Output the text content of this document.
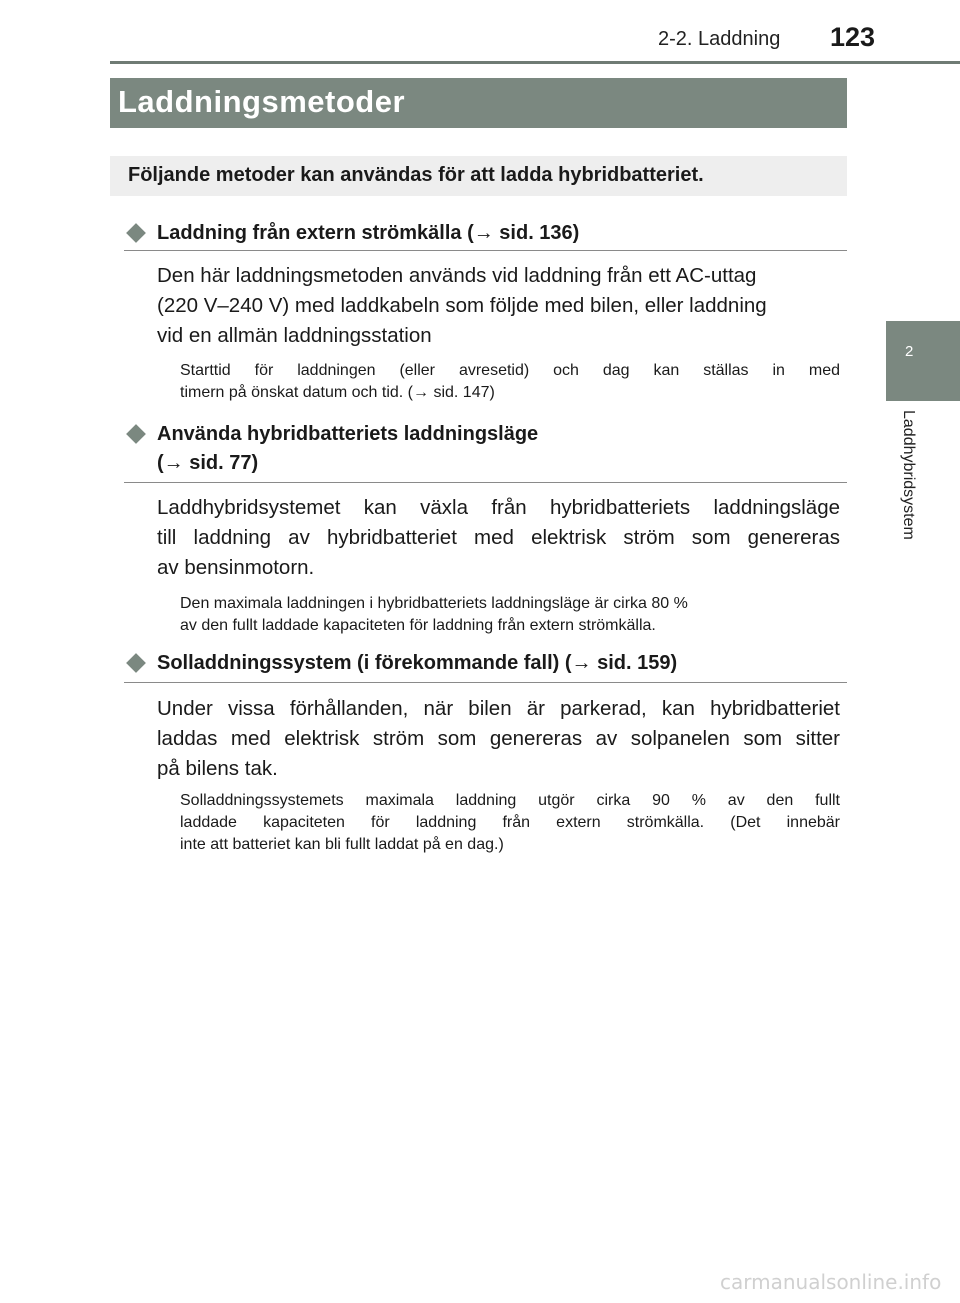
2-2. Laddning 123
Laddningsmetoder
Följande metoder kan användas för att ladda hybridbatteriet.
2
Laddhybridsystem
Laddning från extern strömkälla (→ sid. 136)
Den här laddningsmetoden används vid laddning från ett AC-uttag
(220 V–240 V) med laddkabeln som följde med bilen, eller laddning
vid en allmän laddningsstation
Starttid för laddningen (eller avresetid) och dag kan ställas in med
timern på önskat datum och tid. (→ sid. 147)
Använda hybridbatteriets laddningsläge
(→ sid. 77)
Laddhybridsystemet kan växla från hybridbatteriets laddningsläge
till laddning av hybridbatteriet med elektrisk ström som genereras
av bensinmotorn.
Den maximala laddningen i hybridbatteriets laddningsläge är cirka 80 %
av den fullt laddade kapaciteten för laddning från extern strömkälla.
Solladdningssystem (i förekommande fall) (→ sid. 159)
Under vissa förhållanden, när bilen är parkerad, kan hybridbatteriet
laddas med elektrisk ström som genereras av solpanelen som sitter
på bilens tak.
Solladdningssystemets maximala laddning utgör cirka 90 % av den fullt
laddade kapaciteten för laddning från extern strömkälla. (Det innebär
inte att batteriet kan bli fullt laddat på en dag.)
carmanualsonline.info
